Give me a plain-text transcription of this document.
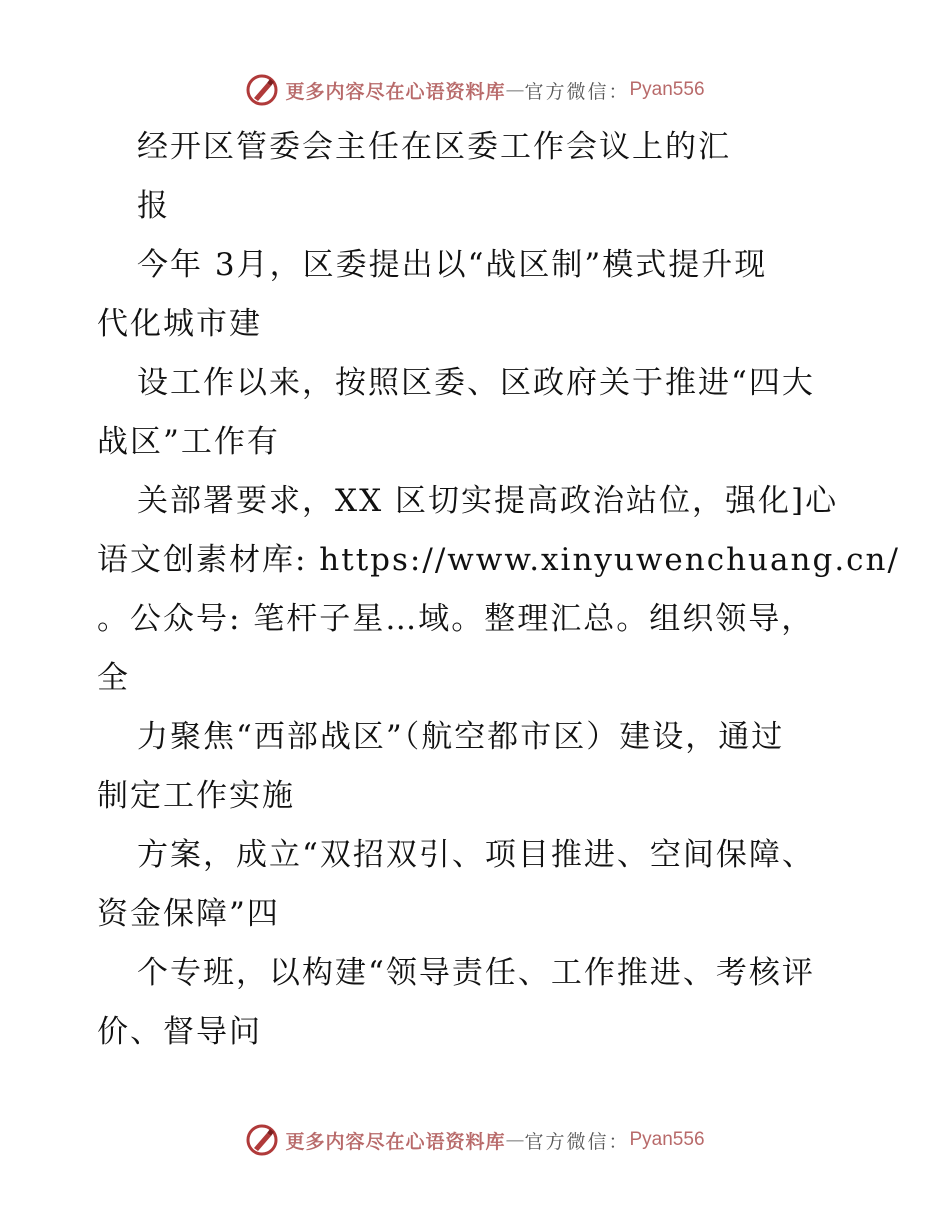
更多内容尽在心语资料库 — 官方微信： Pyan556
经开区管委会主任在区委工作会议上的汇
报
今年 3月，区委提出以“战区制”模式提升现
代化城市建
设工作以来，按照区委、区政府关于推进“四大
战区”工作有
关部署要求，XX 区切实提高政治站位，强化]心
语文创素材库: https://www.xinyuwenchuang.cn/
。公众号: 笔杆子星…域。整理汇总。组织领导，
全
力聚焦“西部战区”（航空都市区）建设，通过
制定工作实施
方案，成立“双招双引、项目推进、空间保障、
资金保障”四
个专班，以构建“领导责任、工作推进、考核评
价、督导问
更多内容尽在心语资料库 — 官方微信： Pyan556
